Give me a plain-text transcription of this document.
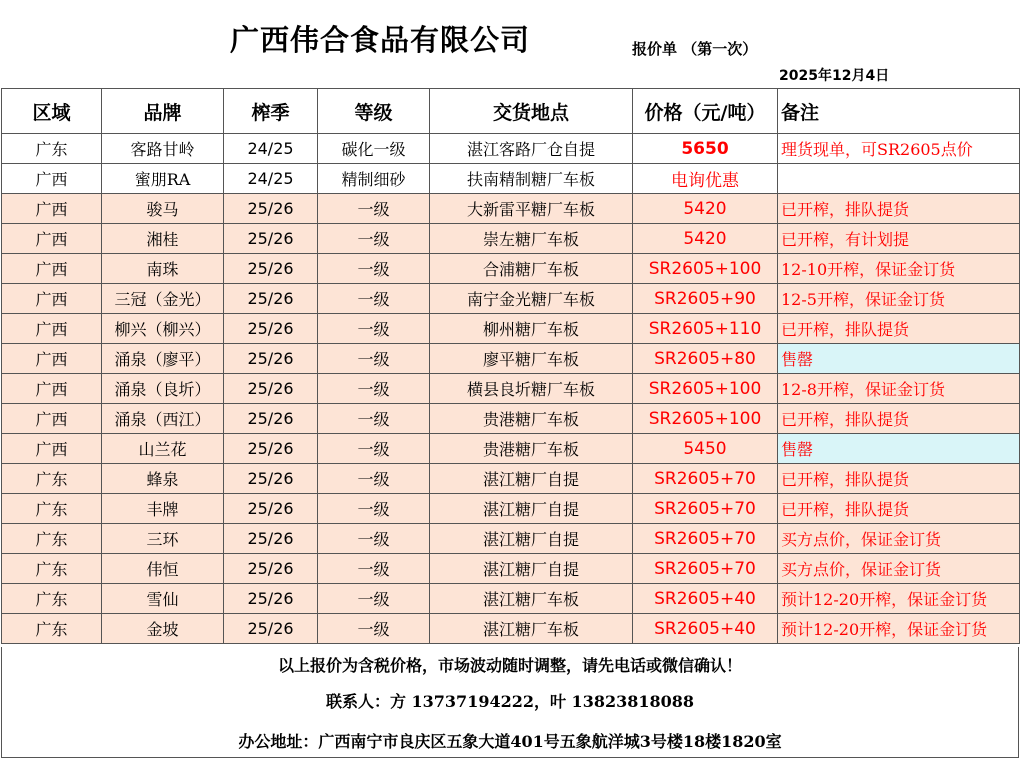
广西伟合食品有限公司	报价单 （第一次）
2025年12月4日
区域	品牌	榨季	等级	交货地点	价格（元/吨）	备注
广东	客路甘岭	24/25	碳化一级	湛江客路厂仓自提	5650	理货现单，可SR2605点价
广西	蜜朋RA	24/25	精制细砂	扶南精制糖厂车板	电询优惠	
广西	骏马	25/26	一级	大新雷平糖厂车板	5420	已开榨，排队提货
广西	湘桂	25/26	一级	崇左糖厂车板	5420	已开榨，有计划提
广西	南珠	25/26	一级	合浦糖厂车板	SR2605+100	12-10开榨，保证金订货
广西	三冠（金光）	25/26	一级	南宁金光糖厂车板	SR2605+90	12-5开榨，保证金订货
广西	柳兴（柳兴）	25/26	一级	柳州糖厂车板	SR2605+110	已开榨，排队提货
广西	涌泉（廖平）	25/26	一级	廖平糖厂车板	SR2605+80	售罄
广西	涌泉（良圻）	25/26	一级	横县良圻糖厂车板	SR2605+100	12-8开榨，保证金订货
广西	涌泉（西江）	25/26	一级	贵港糖厂车板	SR2605+100	已开榨，排队提货
广西	山兰花	25/26	一级	贵港糖厂车板	5450	售罄
广东	蜂泉	25/26	一级	湛江糖厂自提	SR2605+70	已开榨，排队提货
广东	丰牌	25/26	一级	湛江糖厂自提	SR2605+70	已开榨，排队提货
广东	三环	25/26	一级	湛江糖厂自提	SR2605+70	买方点价，保证金订货
广东	伟恒	25/26	一级	湛江糖厂自提	SR2605+70	买方点价，保证金订货
广东	雪仙	25/26	一级	湛江糖厂车板	SR2605+40	预计12-20开榨，保证金订货
广东	金坡	25/26	一级	湛江糖厂车板	SR2605+40	预计12-20开榨，保证金订货
以上报价为含税价格，市场波动随时调整，请先电话或微信确认！
联系人：方 13737194222，叶 13823818088
办公地址：广西南宁市良庆区五象大道401号五象航洋城3号楼18楼1820室
